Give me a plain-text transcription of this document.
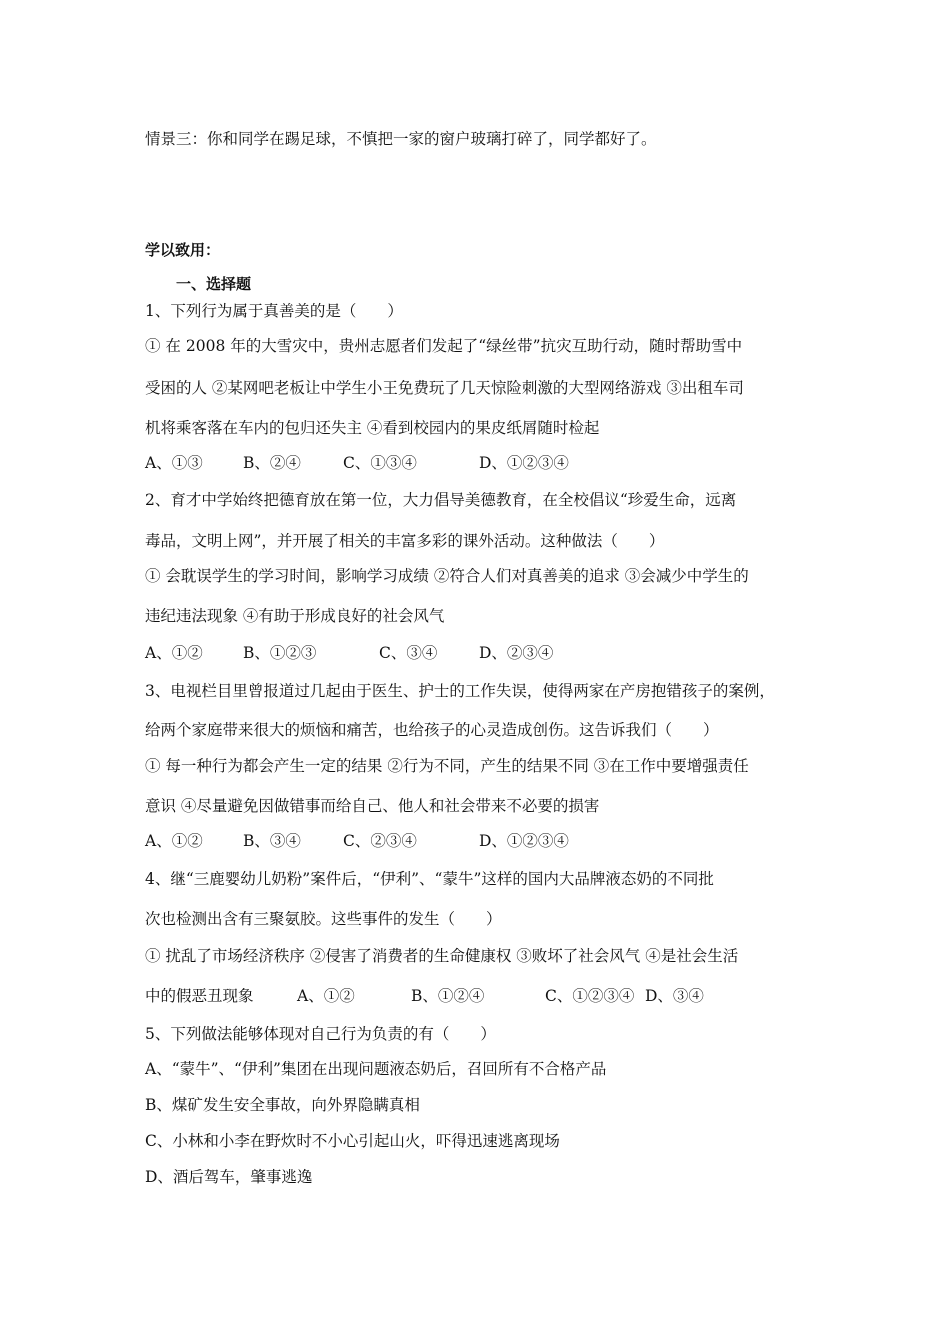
情景三：你和同学在踢足球，不慎把一家的窗户玻璃打碎了，同学都好了。
学以致用：
一、选择题
1、下列行为属于真善美的是（　　）
① 在 2008 年的大雪灾中，贵州志愿者们发起了“绿丝带”抗灾互助行动，随时帮助雪中
受困的人 ②某网吧老板让中学生小王免费玩了几天惊险刺激的大型网络游戏 ③出租车司
机将乘客落在车内的包归还失主 ④看到校园内的果皮纸屑随时检起
A、①③	B、②④	C、①③④	D、①②③④
2、育才中学始终把德育放在第一位，大力倡导美德教育，在全校倡议“珍爱生命，远离
毒品，文明上网”，并开展了相关的丰富多彩的课外活动。这种做法（　　）
① 会耽误学生的学习时间，影响学习成绩 ②符合人们对真善美的追求 ③会减少中学生的
违纪违法现象 ④有助于形成良好的社会风气
A、①②	B、①②③	C、③④	D、②③④
3、电视栏目里曾报道过几起由于医生、护士的工作失误，使得两家在产房抱错孩子的案例，
给两个家庭带来很大的烦恼和痛苦，也给孩子的心灵造成创伤。这告诉我们（　　）
① 每一种行为都会产生一定的结果 ②行为不同，产生的结果不同 ③在工作中要增强责任
意识 ④尽量避免因做错事而给自己、他人和社会带来不必要的损害
A、①②	B、③④	C、②③④	D、①②③④
4、继“三鹿婴幼儿奶粉”案件后，“伊利”、“蒙牛”这样的国内大品牌液态奶的不同批
次也检测出含有三聚氨胶。这些事件的发生（　　）
① 扰乱了市场经济秩序 ②侵害了消费者的生命健康权 ③败坏了社会风气 ④是社会生活
中的假恶丑现象	A、①②	B、①②④	C、①②③④ D、③④
5、下列做法能够体现对自己行为负责的有（　　）
A、“蒙牛”、“伊利”集团在出现问题液态奶后，召回所有不合格产品
B、煤矿发生安全事故，向外界隐瞒真相
C、小林和小李在野炊时不小心引起山火，吓得迅速逃离现场
D、酒后驾车，肇事逃逸
